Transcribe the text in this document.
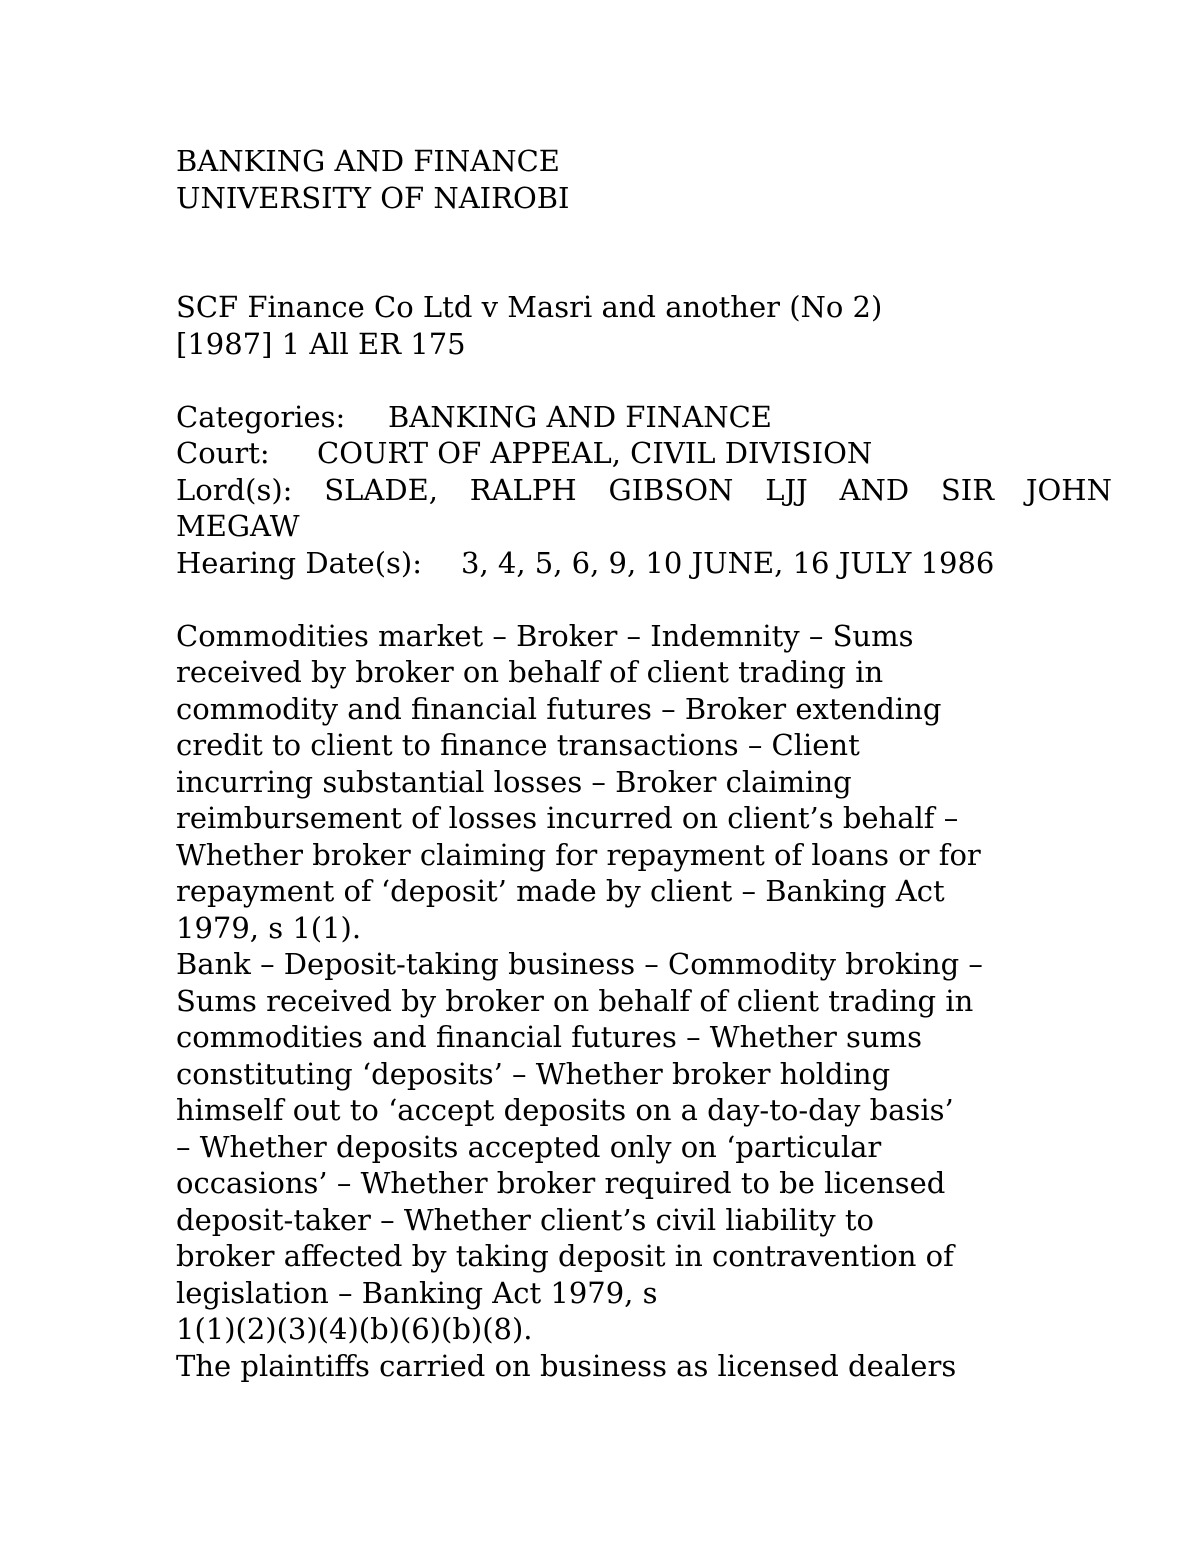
BANKING AND FINANCE
UNIVERSITY OF NAIROBI
SCF Finance Co Ltd v Masri and another (No 2)
[1987] 1 All ER 175
Categories: BANKING AND FINANCE
Court: COURT OF APPEAL, CIVIL DIVISION
Lord(s): SLADE, RALPH GIBSON LJJ AND SIR JOHN
MEGAW
Hearing Date(s): 3, 4, 5, 6, 9, 10 JUNE, 16 JULY 1986
Commodities market – Broker – Indemnity – Sums
received by broker on behalf of client trading in
commodity and financial futures – Broker extending
credit to client to finance transactions – Client
incurring substantial losses – Broker claiming
reimbursement of losses incurred on client’s behalf –
Whether broker claiming for repayment of loans or for
repayment of ‘deposit’ made by client – Banking Act
1979, s 1(1).
Bank – Deposit-taking business – Commodity broking –
Sums received by broker on behalf of client trading in
commodities and financial futures – Whether sums
constituting ‘deposits’ – Whether broker holding
himself out to ‘accept deposits on a day-to-day basis’
– Whether deposits accepted only on ‘particular
occasions’ – Whether broker required to be licensed
deposit-taker – Whether client’s civil liability to
broker affected by taking deposit in contravention of
legislation – Banking Act 1979, s
1(1)(2)(3)(4)(b)(6)(b)(8).
The plaintiffs carried on business as licensed dealers
